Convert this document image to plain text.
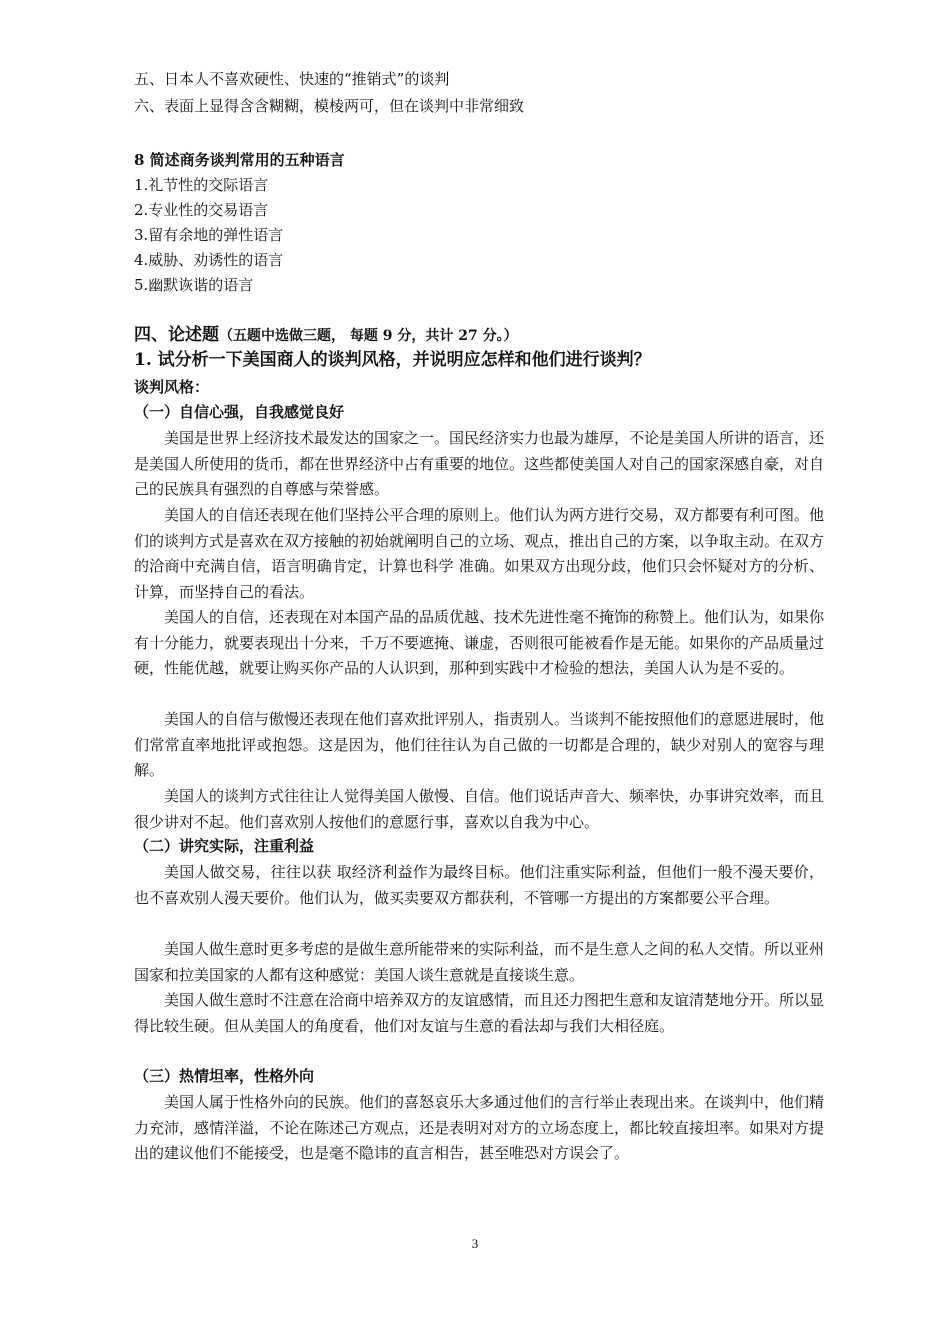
五、日本人不喜欢硬性、快速的“推销式”的谈判
六、表面上显得含含糊糊，模棱两可，但在谈判中非常细致
8 简述商务谈判常用的五种语言
1.礼节性的交际语言
2.专业性的交易语言
3.留有余地的弹性语言
4.威胁、劝诱性的语言
5.幽默诙谐的语言
四、论述题（五题中选做三题， 每题 9 分，共计 27 分。）
1. 试分析一下美国商人的谈判风格，并说明应怎样和他们进行谈判？
谈判风格：
（一）自信心强，自我感觉良好
美国是世界上经济技术最发达的国家之一。国民经济实力也最为雄厚，不论是美国人所讲的语言，还是美国人所使用的货币，都在世界经济中占有重要的地位。这些都使美国人对自己的国家深感自豪，对自己的民族具有强烈的自尊感与荣誉感。
美国人的自信还表现在他们坚持公平合理的原则上。他们认为两方进行交易，双方都要有利可图。他们的谈判方式是喜欢在双方接触的初始就阐明自己的立场、观点，推出自己的方案，以争取主动。在双方的洽商中充满自信，语言明确肯定，计算也科学 准确。如果双方出现分歧，他们只会怀疑对方的分析、计算，而坚持自己的看法。
美国人的自信，还表现在对本国产品的品质优越、技术先进性毫不掩饰的称赞上。他们认为，如果你有十分能力，就要表现出十分来，千万不要遮掩、谦虚，否则很可能被看作是无能。如果你的产品质量过硬，性能优越，就要让购买你产品的人认识到，那种到实践中才检验的想法，美国人认为是不妥的。
美国人的自信与傲慢还表现在他们喜欢批评别人，指责别人。当谈判不能按照他们的意愿进展时，他们常常直率地批评或抱怨。这是因为，他们往往认为自己做的一切都是合理的，缺少对别人的宽容与理解。
美国人的谈判方式往往让人觉得美国人傲慢、自信。他们说话声音大、频率快，办事讲究效率，而且很少讲对不起。他们喜欢别人按他们的意愿行事，喜欢以自我为中心。
（二）讲究实际，注重利益
美国人做交易，往往以获 取经济利益作为最终目标。他们注重实际利益，但他们一般不漫天要价，也不喜欢别人漫天要价。他们认为，做买卖要双方都获利，不管哪一方提出的方案都要公平合理。
美国人做生意时更多考虑的是做生意所能带来的实际利益，而不是生意人之间的私人交情。所以亚州国家和拉美国家的人都有这种感觉：美国人谈生意就是直接谈生意。
美国人做生意时不注意在洽商中培养双方的友谊感情，而且还力图把生意和友谊清楚地分开。所以显得比较生硬。但从美国人的角度看，他们对友谊与生意的看法却与我们大相径庭。
（三）热情坦率，性格外向
美国人属于性格外向的民族。他们的喜怒哀乐大多通过他们的言行举止表现出来。在谈判中，他们精力充沛，感情洋溢，不论在陈述己方观点，还是表明对对方的立场态度上，都比较直接坦率。如果对方提出的建议他们不能接受，也是毫不隐讳的直言相告，甚至唯恐对方误会了。
3
